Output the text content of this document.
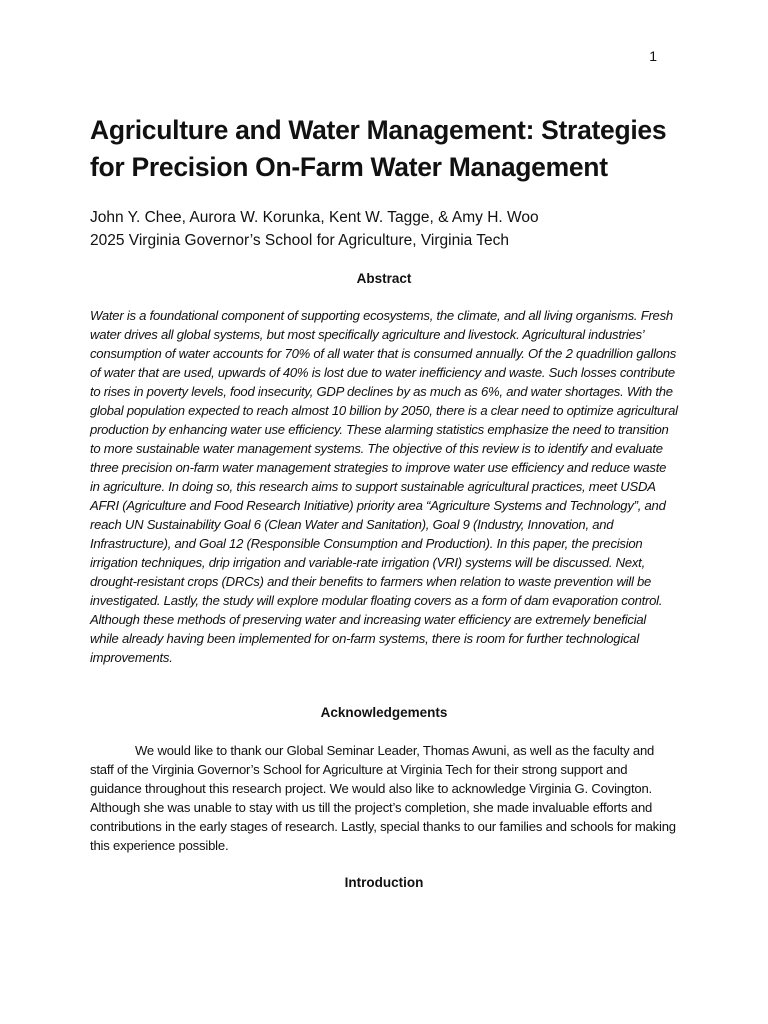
1
Agriculture and Water Management: Strategies for Precision On-Farm Water Management
John Y. Chee, Aurora W. Korunka, Kent W. Tagge, & Amy H. Woo
2025 Virginia Governor’s School for Agriculture, Virginia Tech
Abstract

Water is a foundational component of supporting ecosystems, the climate, and all living organisms. Fresh water drives all global systems, but most specifically agriculture and livestock. Agricultural industries’ consumption of water accounts for 70% of all water that is consumed annually. Of the 2 quadrillion gallons of water that are used, upwards of 40% is lost due to water inefficiency and waste. Such losses contribute to rises in poverty levels, food insecurity, GDP declines by as much as 6%, and water shortages. With the global population expected to reach almost 10 billion by 2050, there is a clear need to optimize agricultural production by enhancing water use efficiency. These alarming statistics emphasize the need to transition to more sustainable water management systems. The objective of this review is to identify and evaluate three precision on-farm water management strategies to improve water use efficiency and reduce waste in agriculture. In doing so, this research aims to support sustainable agricultural practices, meet USDA AFRI (Agriculture and Food Research Initiative) priority area “Agriculture Systems and Technology”, and reach UN Sustainability Goal 6 (Clean Water and Sanitation), Goal 9 (Industry, Innovation, and Infrastructure), and Goal 12 (Responsible Consumption and Production). In this paper, the precision irrigation techniques, drip irrigation and variable-rate irrigation (VRI) systems will be discussed. Next, drought-resistant crops (DRCs) and their benefits to farmers when relation to waste prevention will be investigated. Lastly, the study will explore modular floating covers as a form of dam evaporation control. Although these methods of preserving water and increasing water efficiency are extremely beneficial while already having been implemented for on-farm systems, there is room for further technological improvements.

Acknowledgements

We would like to thank our Global Seminar Leader, Thomas Awuni, as well as the faculty and staff of the Virginia Governor’s School for Agriculture at Virginia Tech for their strong support and guidance throughout this research project. We would also like to acknowledge Virginia G. Covington. Although she was unable to stay with us till the project’s completion, she made invaluable efforts and contributions in the early stages of research. Lastly, special thanks to our families and schools for making this experience possible.

Introduction
